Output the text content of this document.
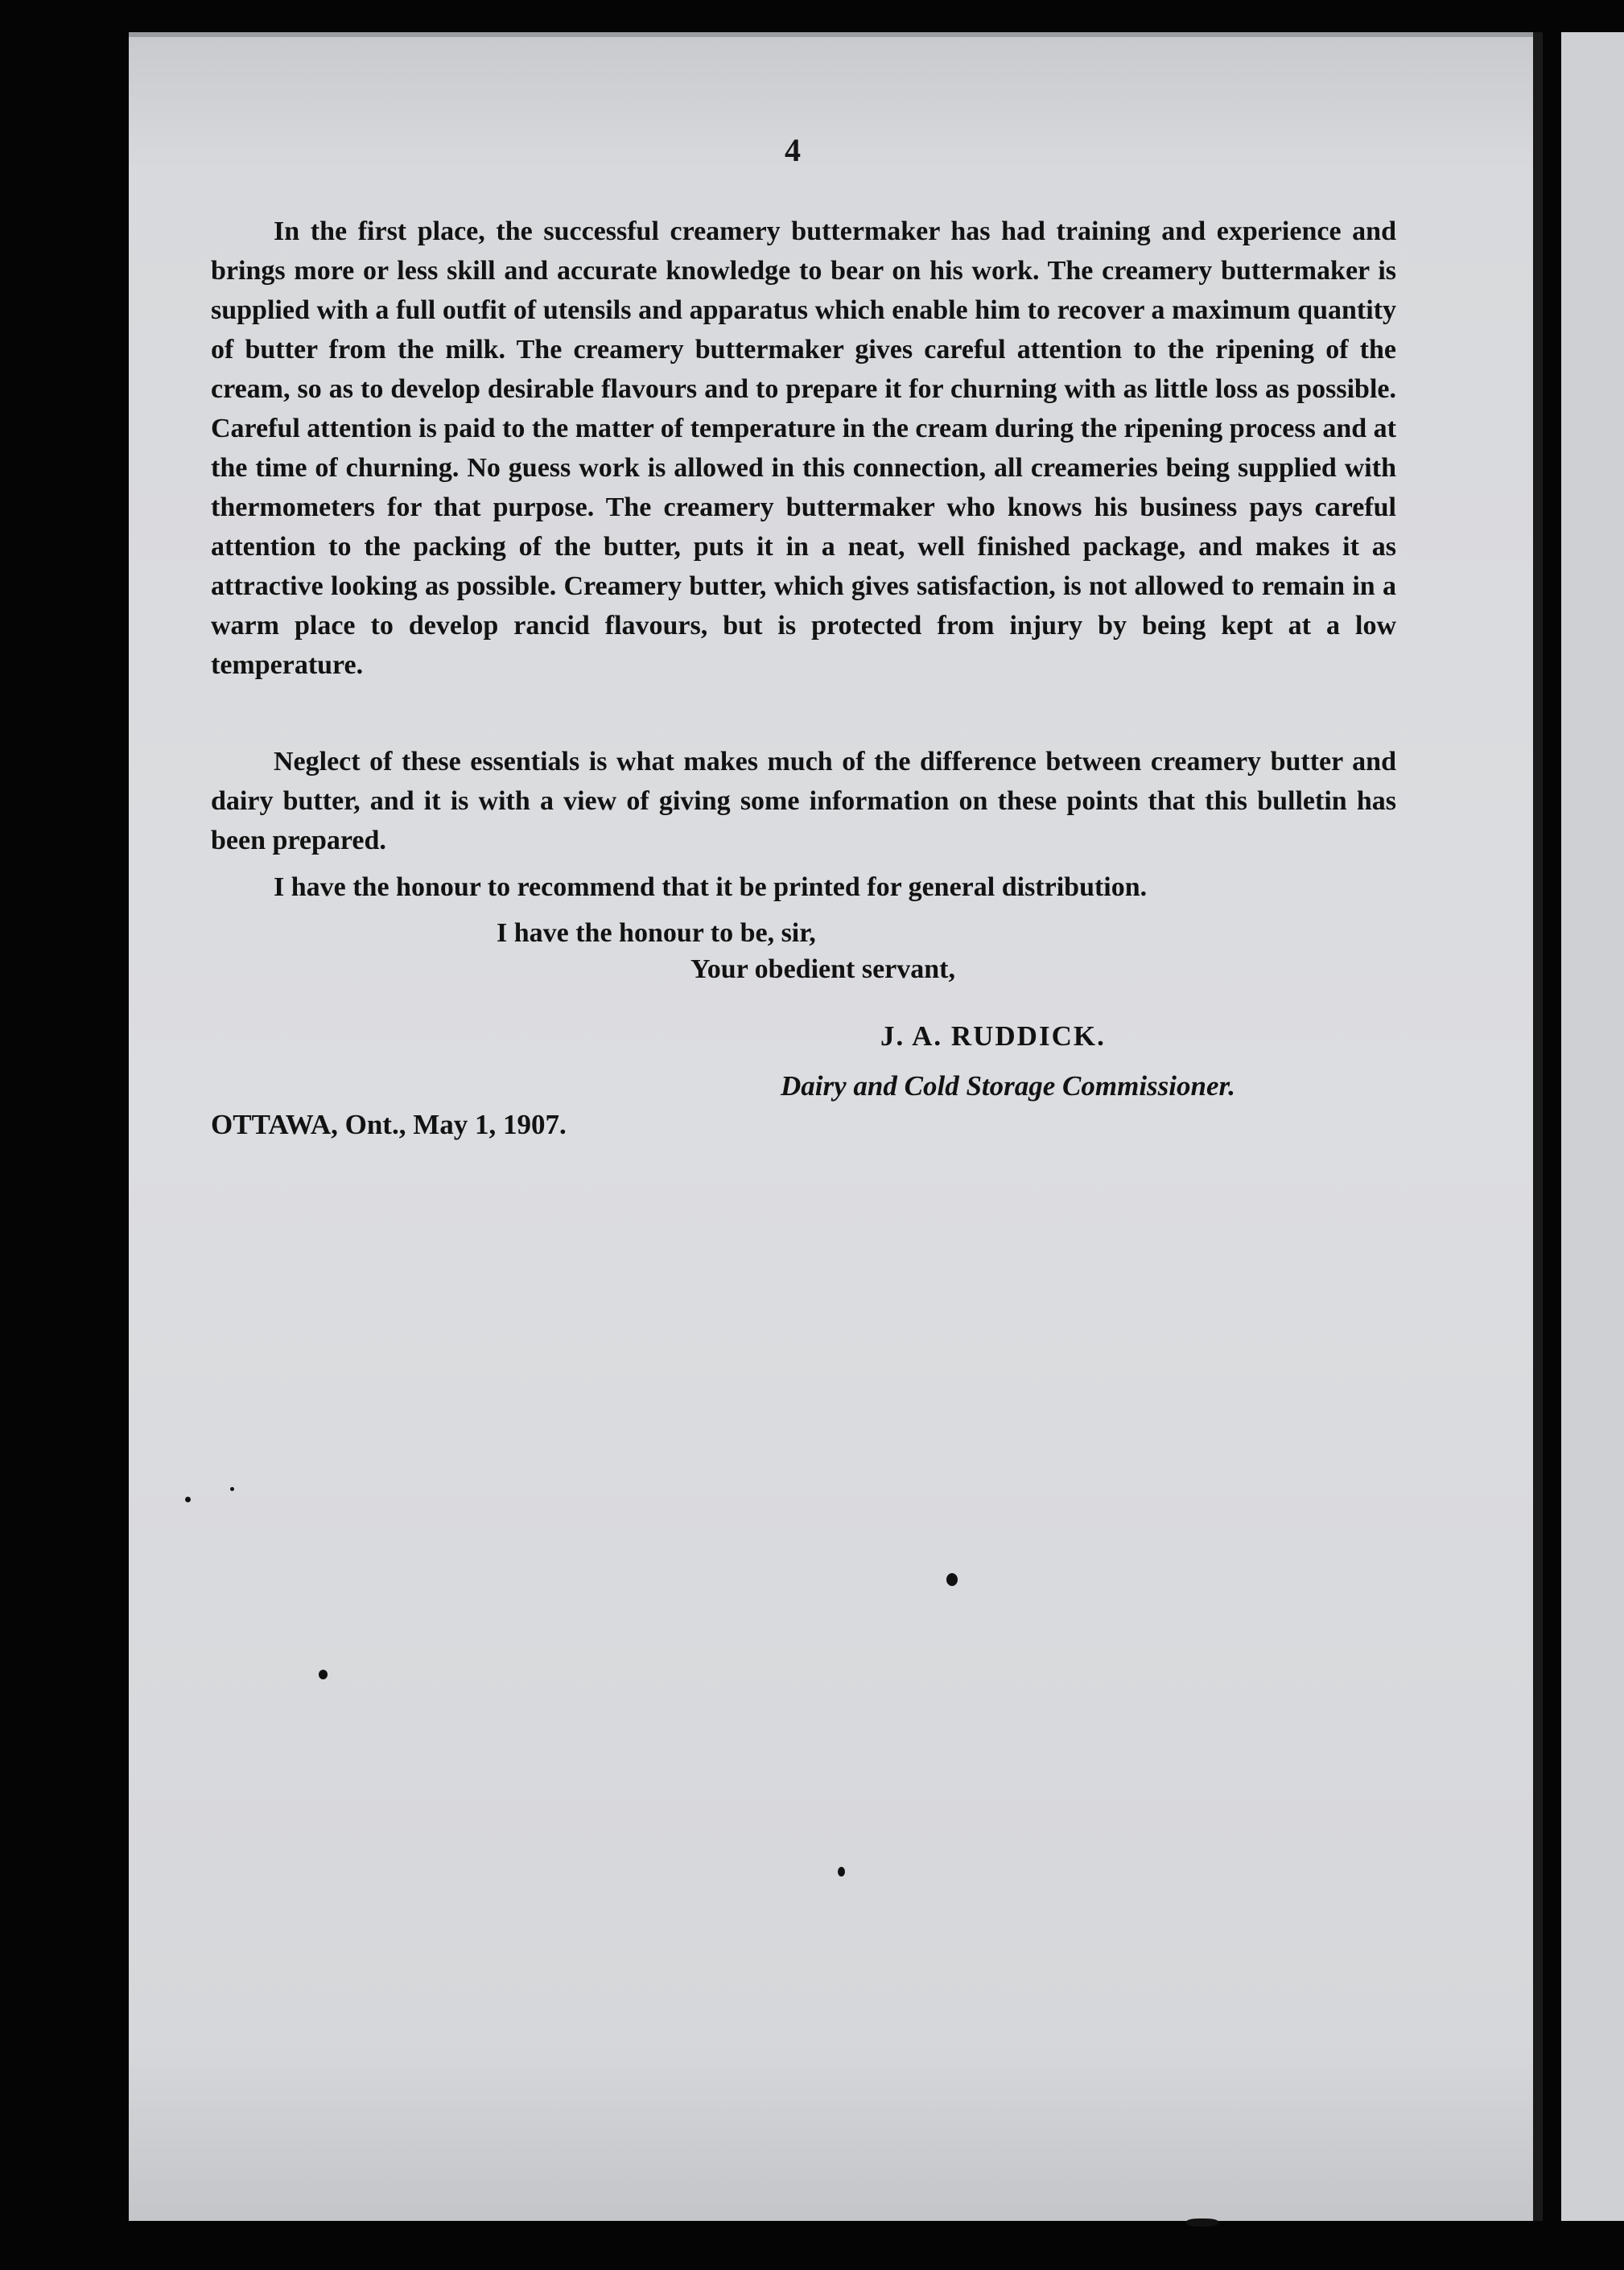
4

In the first place, the successful creamery buttermaker has had training and experience and brings more or less skill and accurate knowledge to bear on his work. The creamery buttermaker is supplied with a full outfit of utensils and apparatus which enable him to recover a maximum quantity of butter from the milk. The creamery buttermaker gives careful attention to the ripening of the cream, so as to develop desirable flavours and to prepare it for churning with as little loss as possible. Careful attention is paid to the matter of temperature in the cream during the ripening process and at the time of churning. No guess work is allowed in this connection, all creameries being supplied with thermometers for that purpose. The creamery buttermaker who knows his business pays careful attention to the packing of the butter, puts it in a neat, well finished package, and makes it as attractive looking as possible. Creamery butter, which gives satisfaction, is not allowed to remain in a warm place to develop rancid flavours, but is protected from injury by being kept at a low temperature.

Neglect of these essentials is what makes much of the difference between creamery butter and dairy butter, and it is with a view of giving some information on these points that this bulletin has been prepared.

I have the honour to recommend that it be printed for general distribution.

I have the honour to be, sir,
Your obedient servant,
J. A. RUDDICK.
Dairy and Cold Storage Commissioner.
OTTAWA, Ont., May 1, 1907.
